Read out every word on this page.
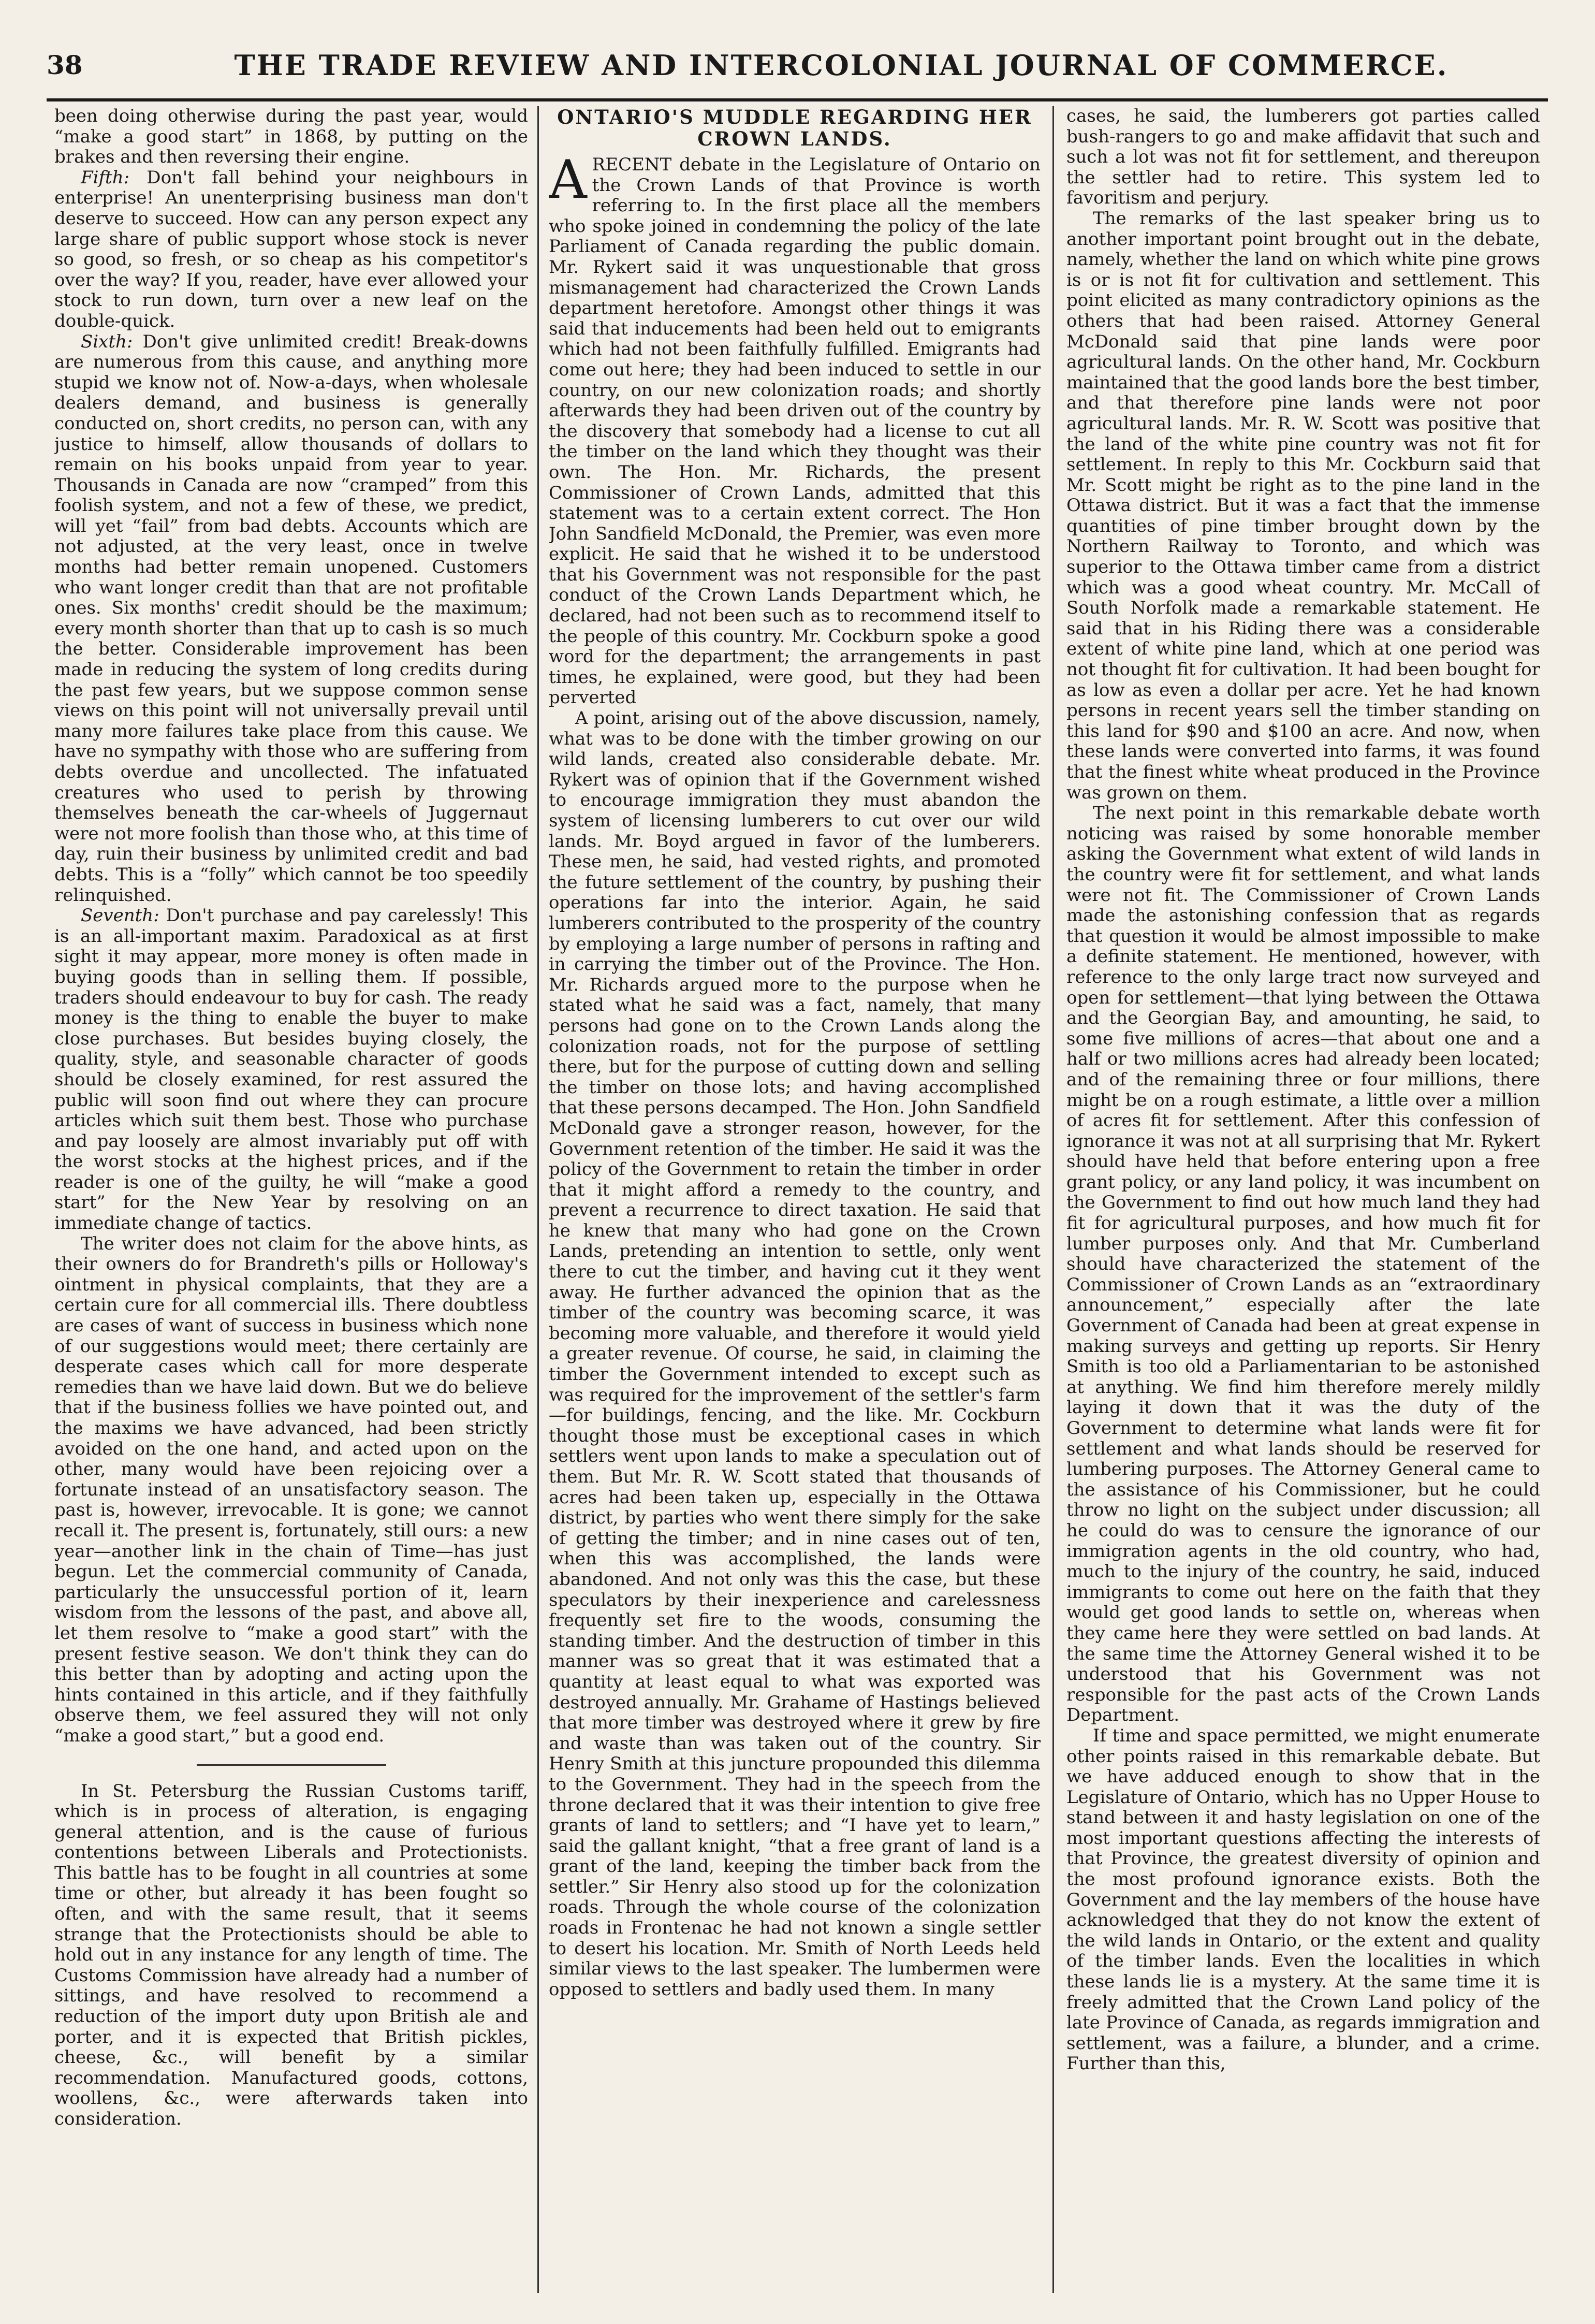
38	THE TRADE REVIEW AND INTERCOLONIAL JOURNAL OF COMMERCE.

been doing otherwise during the past year, would “make a good start” in 1868, by putting on the brakes and then reversing their engine.

Fifth: Don't fall behind your neighbours in enterprise! An unenterprising business man don't deserve to succeed. How can any person expect any large share of public support whose stock is never so good, so fresh, or so cheap as his competitor's over the way? If you, reader, have ever allowed your stock to run down, turn over a new leaf on the double-quick.

Sixth: Don't give unlimited credit! Break-downs are numerous from this cause, and anything more stupid we know not of. Now-a-days, when wholesale dealers demand, and business is generally conducted on, short credits, no person can, with any justice to himself, allow thousands of dollars to remain on his books unpaid from year to year. Thousands in Canada are now “cramped” from this foolish system, and not a few of these, we predict, will yet “fail” from bad debts. Accounts which are not adjusted, at the very least, once in twelve months had better remain unopened. Customers who want longer credit than that are not profitable ones. Six months' credit should be the maximum; every month shorter than that up to cash is so much the better. Considerable improvement has been made in reducing the system of long credits during the past few years, but we suppose common sense views on this point will not universally prevail until many more failures take place from this cause. We have no sympathy with those who are suffering from debts overdue and uncollected. The infatuated creatures who used to perish by throwing themselves beneath the car-wheels of Juggernaut were not more foolish than those who, at this time of day, ruin their business by unlimited credit and bad debts. This is a “folly” which cannot be too speedily relinquished.

Seventh: Don't purchase and pay carelessly! This is an all-important maxim. Paradoxical as at first sight it may appear, more money is often made in buying goods than in selling them. If possible, traders should endeavour to buy for cash. The ready money is the thing to enable the buyer to make close purchases. But besides buying closely, the quality, style, and seasonable character of goods should be closely examined, for rest assured the public will soon find out where they can procure articles which suit them best. Those who purchase and pay loosely are almost invariably put off with the worst stocks at the highest prices, and if the reader is one of the guilty, he will “make a good start” for the New Year by resolving on an immediate change of tactics.

The writer does not claim for the above hints, as their owners do for Brandreth's pills or Holloway's ointment in physical complaints, that they are a certain cure for all commercial ills. There doubtless are cases of want of success in business which none of our suggestions would meet; there certainly are desperate cases which call for more desperate remedies than we have laid down. But we do believe that if the business follies we have pointed out, and the maxims we have advanced, had been strictly avoided on the one hand, and acted upon on the other, many would have been rejoicing over a fortunate instead of an unsatisfactory season. The past is, however, irrevocable. It is gone; we cannot recall it. The present is, fortunately, still ours: a new year—another link in the chain of Time—has just begun. Let the commercial community of Canada, particularly the unsuccessful portion of it, learn wisdom from the lessons of the past, and above all, let them resolve to “make a good start” with the present festive season. We don't think they can do this better than by adopting and acting upon the hints contained in this article, and if they faithfully observe them, we feel assured they will not only “make a good start,” but a good end.

In St. Petersburg the Russian Customs tariff, which is in process of alteration, is engaging general attention, and is the cause of furious contentions between Liberals and Protectionists. This battle has to be fought in all countries at some time or other, but already it has been fought so often, and with the same result, that it seems strange that the Protectionists should be able to hold out in any instance for any length of time. The Customs Commission have already had a number of sittings, and have resolved to recommend a reduction of the import duty upon British ale and porter, and it is expected that British pickles, cheese, &c., will benefit by a similar recommendation. Manufactured goods, cottons, woollens, &c., were afterwards taken into consideration.

ONTARIO'S MUDDLE REGARDING HER CROWN LANDS.

A RECENT debate in the Legislature of Ontario on the Crown Lands of that Province is worth referring to. In the first place all the members who spoke joined in condemning the policy of the late Parliament of Canada regarding the public domain. Mr. Rykert said it was unquestionable that gross mismanagement had characterized the Crown Lands department heretofore. Amongst other things it was said that inducements had been held out to emigrants which had not been faithfully fulfilled. Emigrants had come out here; they had been induced to settle in our country, on our new colonization roads; and shortly afterwards they had been driven out of the country by the discovery that somebody had a license to cut all the timber on the land which they thought was their own. The Hon. Mr. Richards, the present Commissioner of Crown Lands, admitted that this statement was to a certain extent correct. The Hon John Sandfield McDonald, the Premier, was even more explicit. He said that he wished it to be understood that his Government was not responsible for the past conduct of the Crown Lands Department which, he declared, had not been such as to recommend itself to the people of this country. Mr. Cockburn spoke a good word for the department; the arrangements in past times, he explained, were good, but they had been perverted

A point, arising out of the above discussion, namely, what was to be done with the timber growing on our wild lands, created also considerable debate. Mr. Rykert was of opinion that if the Government wished to encourage immigration they must abandon the system of licensing lumberers to cut over our wild lands. Mr. Boyd argued in favor of the lumberers. These men, he said, had vested rights, and promoted the future settlement of the country, by pushing their operations far into the interior. Again, he said lumberers contributed to the prosperity of the country by employing a large number of persons in rafting and in carrying the timber out of the Province. The Hon. Mr. Richards argued more to the purpose when he stated what he said was a fact, namely, that many persons had gone on to the Crown Lands along the colonization roads, not for the purpose of settling there, but for the purpose of cutting down and selling the timber on those lots; and having accomplished that these persons decamped. The Hon. John Sandfield McDonald gave a stronger reason, however, for the Government retention of the timber. He said it was the policy of the Government to retain the timber in order that it might afford a remedy to the country, and prevent a recurrence to direct taxation. He said that he knew that many who had gone on the Crown Lands, pretending an intention to settle, only went there to cut the timber, and having cut it they went away. He further advanced the opinion that as the timber of the country was becoming scarce, it was becoming more valuable, and therefore it would yield a greater revenue. Of course, he said, in claiming the timber the Government intended to except such as was required for the improvement of the settler's farm—for buildings, fencing, and the like. Mr. Cockburn thought those must be exceptional cases in which settlers went upon lands to make a speculation out of them. But Mr. R. W. Scott stated that thousands of acres had been taken up, especially in the Ottawa district, by parties who went there simply for the sake of getting the timber; and in nine cases out of ten, when this was accomplished, the lands were abandoned. And not only was this the case, but these speculators by their inexperience and carelessness frequently set fire to the woods, consuming the standing timber. And the destruction of timber in this manner was so great that it was estimated that a quantity at least equal to what was exported was destroyed annually. Mr. Grahame of Hastings believed that more timber was destroyed where it grew by fire and waste than was taken out of the country. Sir Henry Smith at this juncture propounded this dilemma to the Government. They had in the speech from the throne declared that it was their intention to give free grants of land to settlers; and “I have yet to learn,” said the gallant knight, “that a free grant of land is a grant of the land, keeping the timber back from the settler.” Sir Henry also stood up for the colonization roads. Through the whole course of the colonization roads in Frontenac he had not known a single settler to desert his location. Mr. Smith of North Leeds held similar views to the last speaker. The lumbermen were opposed to settlers and badly used them. In many

cases, he said, the lumberers got parties called bush-rangers to go and make affidavit that such and such a lot was not fit for settlement, and thereupon the settler had to retire. This system led to favoritism and perjury.

The remarks of the last speaker bring us to another important point brought out in the debate, namely, whether the land on which white pine grows is or is not fit for cultivation and settlement. This point elicited as many contradictory opinions as the others that had been raised. Attorney General McDonald said that pine lands were poor agricultural lands. On the other hand, Mr. Cockburn maintained that the good lands bore the best timber, and that therefore pine lands were not poor agricultural lands. Mr. R. W. Scott was positive that the land of the white pine country was not fit for settlement. In reply to this Mr. Cockburn said that Mr. Scott might be right as to the pine land in the Ottawa district. But it was a fact that the immense quantities of pine timber brought down by the Northern Railway to Toronto, and which was superior to the Ottawa timber came from a district which was a good wheat country. Mr. McCall of South Norfolk made a remarkable statement. He said that in his Riding there was a considerable extent of white pine land, which at one period was not thought fit for cultivation. It had been bought for as low as even a dollar per acre. Yet he had known persons in recent years sell the timber standing on this land for $90 and $100 an acre. And now, when these lands were converted into farms, it was found that the finest white wheat produced in the Province was grown on them.

The next point in this remarkable debate worth noticing was raised by some honorable member asking the Government what extent of wild lands in the country were fit for settlement, and what lands were not fit. The Commissioner of Crown Lands made the astonishing confession that as regards that question it would be almost impossible to make a definite statement. He mentioned, however, with reference to the only large tract now surveyed and open for settlement—that lying between the Ottawa and the Georgian Bay, and amounting, he said, to some five millions of acres—that about one and a half or two millions acres had already been located; and of the remaining three or four millions, there might be on a rough estimate, a little over a million of acres fit for settlement. After this confession of ignorance it was not at all surprising that Mr. Rykert should have held that before entering upon a free grant policy, or any land policy, it was incumbent on the Government to find out how much land they had fit for agricultural purposes, and how much fit for lumber purposes only. And that Mr. Cumberland should have characterized the statement of the Commissioner of Crown Lands as an “extraordinary announcement,” especially after the late Government of Canada had been at great expense in making surveys and getting up reports. Sir Henry Smith is too old a Parliamentarian to be astonished at anything. We find him therefore merely mildly laying it down that it was the duty of the Government to determine what lands were fit for settlement and what lands should be reserved for lumbering purposes. The Attorney General came to the assistance of his Commissioner, but he could throw no light on the subject under discussion; all he could do was to censure the ignorance of our immigration agents in the old country, who had, much to the injury of the country, he said, induced immigrants to come out here on the faith that they would get good lands to settle on, whereas when they came here they were settled on bad lands. At the same time the Attorney General wished it to be understood that his Government was not responsible for the past acts of the Crown Lands Department.

If time and space permitted, we might enumerate other points raised in this remarkable debate. But we have adduced enough to show that in the Legislature of Ontario, which has no Upper House to stand between it and hasty legislation on one of the most important questions affecting the interests of that Province, the greatest diversity of opinion and the most profound ignorance exists. Both the Government and the lay members of the house have acknowledged that they do not know the extent of the wild lands in Ontario, or the extent and quality of the timber lands. Even the localities in which these lands lie is a mystery. At the same time it is freely admitted that the Crown Land policy of the late Province of Canada, as regards immigration and settlement, was a failure, a blunder, and a crime. Further than this,
